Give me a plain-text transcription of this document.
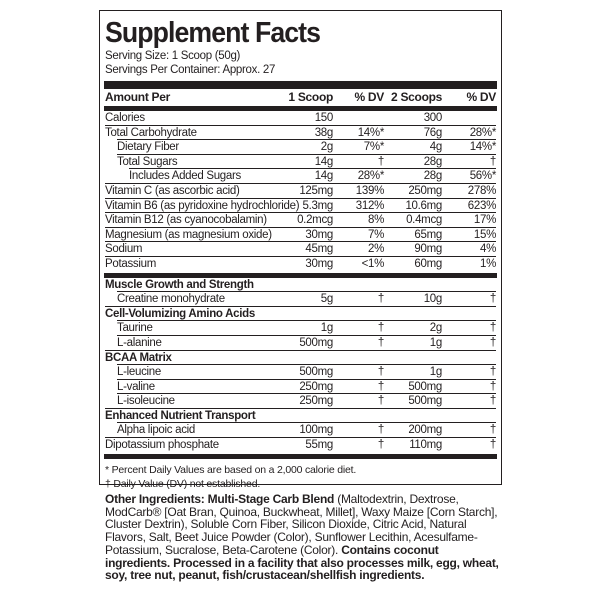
Supplement Facts
Serving Size: 1 Scoop (50g)
Servings Per Container: Approx. 27
Amount Per	1 Scoop % DV 2 Scoops % DV
Calories	150	300
Total Carbohydrate	38g 14%*	76g 28%*
Dietary Fiber	2g	7%*	4g 14%*
Total Sugars	14g	†	28g	†
Includes Added Sugars	14g 28%*	28g 56%*
Vitamin C (as ascorbic acid)	125mg 139% 250mg 278%
Vitamin B6 (as pyridoxine hydrochloride) 5.3mg 312% 10.6mg 623%
Vitamin B12 (as cyanocobalamin)	0.2mcg	8% 0.4mcg	17%
Magnesium (as magnesium oxide)	30mg	7%	65mg	15%
Sodium	45mg	2%	90mg	4%
Potassium	30mg <1%	60mg	1%
Muscle Growth and Strength
Creatine monohydrate	5g	†	10g	†
Cell-Volumizing Amino Acids
Taurine	1g	†	2g	†
L-alanine	500mg	†	1g	†
BCAA Matrix
L-leucine	500mg	†	1g	†
L-valine	250mg	† 500mg	†
L-isoleucine	250mg	† 500mg	†
Enhanced Nutrient Transport
Alpha lipoic acid	100mg	† 200mg	†
Dipotassium phosphate	55mg	† 110mg	†
* Percent Daily Values are based on a 2,000 calorie diet.
† Daily Value (DV) not established.
Other Ingredients: Multi-Stage Carb Blend (Maltodextrin, Dextrose, ModCarb® [Oat Bran, Quinoa, Buckwheat, Millet], Waxy Maize [Corn Starch], Cluster Dextrin), Soluble Corn Fiber, Silicon Dioxide, Citric Acid, Natural Flavors, Salt, Beet Juice Powder (Color), Sunflower Lecithin, Acesulfame-Potassium, Sucralose, Beta-Carotene (Color). Contains coconut ingredients. Processed in a facility that also processes milk, egg, wheat, soy, tree nut, peanut, fish/crustacean/shellfish ingredients.
